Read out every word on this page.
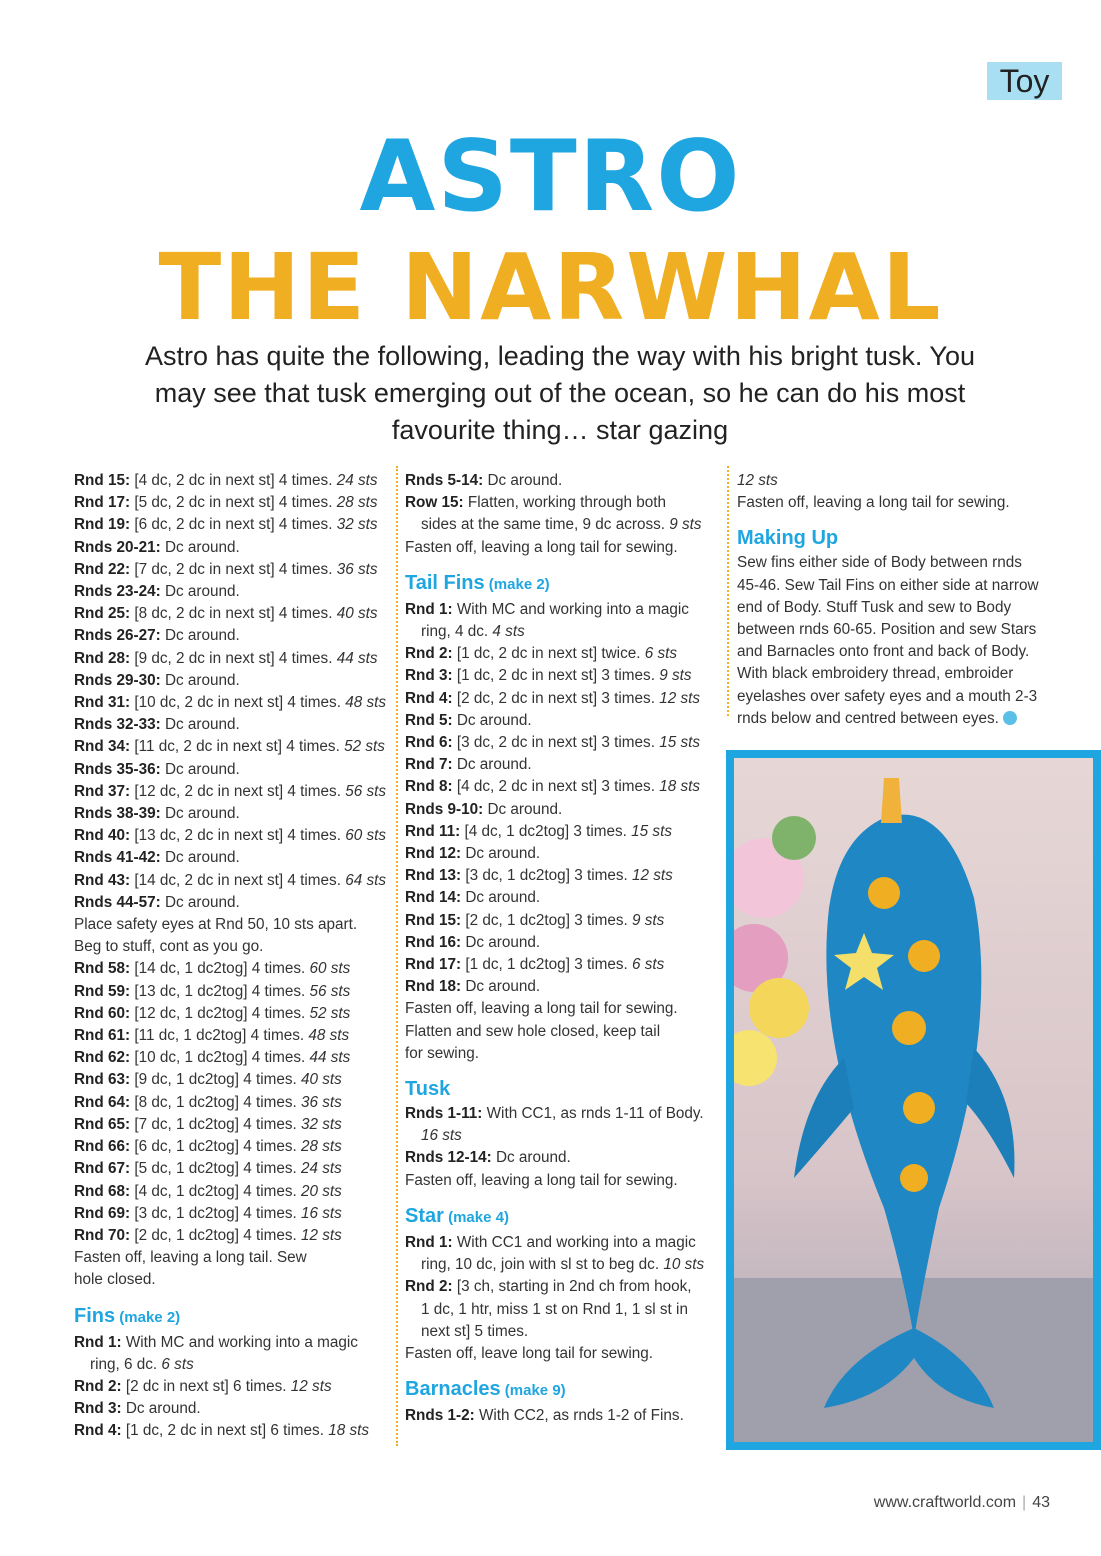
Toy
ASTRO
THE NARWHAL
Astro has quite the following, leading the way with his bright tusk. You may see that tusk emerging out of the ocean, so he can do his most favourite thing… star gazing
Rnd 15: [4 dc, 2 dc in next st] 4 times. 24 sts
Rnd 17: [5 dc, 2 dc in next st] 4 times. 28 sts
Rnd 19: [6 dc, 2 dc in next st] 4 times. 32 sts
Rnds 20-21: Dc around.
Rnd 22: [7 dc, 2 dc in next st] 4 times. 36 sts
Rnds 23-24: Dc around.
Rnd 25: [8 dc, 2 dc in next st] 4 times. 40 sts
Rnds 26-27: Dc around.
Rnd 28: [9 dc, 2 dc in next st] 4 times. 44 sts
Rnds 29-30: Dc around.
Rnd 31: [10 dc, 2 dc in next st] 4 times. 48 sts
Rnds 32-33: Dc around.
Rnd 34: [11 dc, 2 dc in next st] 4 times. 52 sts
Rnds 35-36: Dc around.
Rnd 37: [12 dc, 2 dc in next st] 4 times. 56 sts
Rnds 38-39: Dc around.
Rnd 40: [13 dc, 2 dc in next st] 4 times. 60 sts
Rnds 41-42: Dc around.
Rnd 43: [14 dc, 2 dc in next st] 4 times. 64 sts
Rnds 44-57: Dc around.
Place safety eyes at Rnd 50, 10 sts apart.
Beg to stuff, cont as you go.
Rnd 58: [14 dc, 1 dc2tog] 4 times. 60 sts
Rnd 59: [13 dc, 1 dc2tog] 4 times. 56 sts
Rnd 60: [12 dc, 1 dc2tog] 4 times. 52 sts
Rnd 61: [11 dc, 1 dc2tog] 4 times. 48 sts
Rnd 62: [10 dc, 1 dc2tog] 4 times. 44 sts
Rnd 63: [9 dc, 1 dc2tog] 4 times. 40 sts
Rnd 64: [8 dc, 1 dc2tog] 4 times. 36 sts
Rnd 65: [7 dc, 1 dc2tog] 4 times. 32 sts
Rnd 66: [6 dc, 1 dc2tog] 4 times. 28 sts
Rnd 67: [5 dc, 1 dc2tog] 4 times. 24 sts
Rnd 68: [4 dc, 1 dc2tog] 4 times. 20 sts
Rnd 69: [3 dc, 1 dc2tog] 4 times. 16 sts
Rnd 70: [2 dc, 1 dc2tog] 4 times. 12 sts
Fasten off, leaving a long tail. Sew
hole closed.
Fins (make 2)
Rnd 1: With MC and working into a magic
ring, 6 dc. 6 sts
Rnd 2: [2 dc in next st] 6 times. 12 sts
Rnd 3: Dc around.
Rnd 4: [1 dc, 2 dc in next st] 6 times. 18 sts
Rnds 5-14: Dc around.
Row 15: Flatten, working through both
sides at the same time, 9 dc across. 9 sts
Fasten off, leaving a long tail for sewing.
Tail Fins (make 2)
Rnd 1: With MC and working into a magic
ring, 4 dc. 4 sts
Rnd 2: [1 dc, 2 dc in next st] twice. 6 sts
Rnd 3: [1 dc, 2 dc in next st] 3 times. 9 sts
Rnd 4: [2 dc, 2 dc in next st] 3 times. 12 sts
Rnd 5: Dc around.
Rnd 6: [3 dc, 2 dc in next st] 3 times. 15 sts
Rnd 7: Dc around.
Rnd 8: [4 dc, 2 dc in next st] 3 times. 18 sts
Rnds 9-10: Dc around.
Rnd 11: [4 dc, 1 dc2tog] 3 times. 15 sts
Rnd 12: Dc around.
Rnd 13: [3 dc, 1 dc2tog] 3 times. 12 sts
Rnd 14: Dc around.
Rnd 15: [2 dc, 1 dc2tog] 3 times. 9 sts
Rnd 16: Dc around.
Rnd 17: [1 dc, 1 dc2tog] 3 times. 6 sts
Rnd 18: Dc around.
Fasten off, leaving a long tail for sewing.
Flatten and sew hole closed, keep tail
for sewing.
Tusk
Rnds 1-11: With CC1, as rnds 1-11 of Body.
16 sts
Rnds 12-14: Dc around.
Fasten off, leaving a long tail for sewing.
Star (make 4)
Rnd 1: With CC1 and working into a magic
ring, 10 dc, join with sl st to beg dc. 10 sts
Rnd 2: [3 ch, starting in 2nd ch from hook,
1 dc, 1 htr, miss 1 st on Rnd 1, 1 sl st in
next st] 5 times.
Fasten off, leave long tail for sewing.
Barnacles (make 9)
Rnds 1-2: With CC2, as rnds 1-2 of Fins.
12 sts
Fasten off, leaving a long tail for sewing.
Making Up
Sew fins either side of Body between rnds
45-46. Sew Tail Fins on either side at narrow
end of Body. Stuff Tusk and sew to Body
between rnds 60-65. Position and sew Stars
and Barnacles onto front and back of Body.
With black embroidery thread, embroider
eyelashes over safety eyes and a mouth 2-3
rnds below and centred between eyes.
www.craftworld.com | 43
